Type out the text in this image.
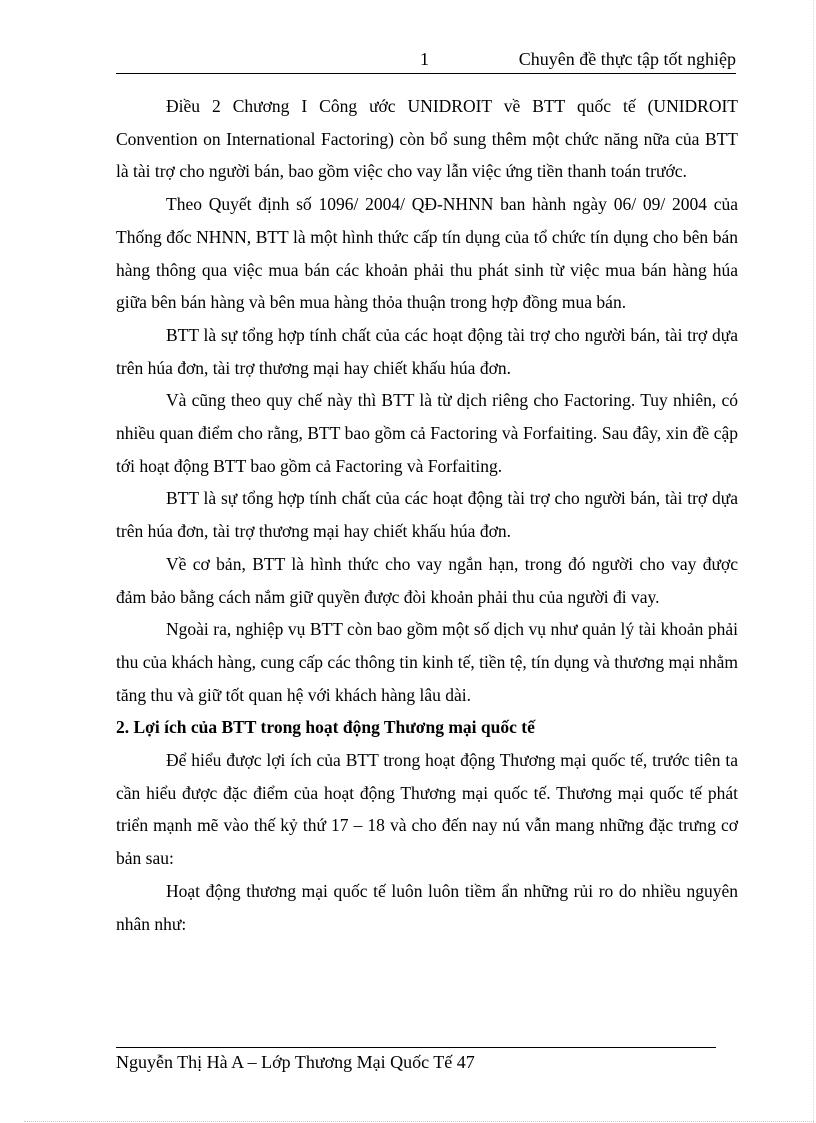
1	Chuyên đề thực tập tốt nghiệp

Điều 2 Chương I Công ước UNIDROIT về BTT quốc tế (UNIDROIT Convention on International Factoring) còn bổ sung thêm một chức năng nữa của BTT là tài trợ cho người bán, bao gồm việc cho vay lẫn việc ứng tiền thanh toán trước.

Theo Quyết định số 1096/ 2004/ QĐ-NHNN ban hành ngày 06/ 09/ 2004 của Thống đốc NHNN, BTT là một hình thức cấp tín dụng của tổ chức tín dụng cho bên bán hàng thông qua việc mua bán các khoản phải thu phát sinh từ việc mua bán hàng húa giữa bên bán hàng và bên mua hàng thỏa thuận trong hợp đồng mua bán.

BTT là sự tổng hợp tính chất của các hoạt động tài trợ cho người bán, tài trợ dựa trên húa đơn, tài trợ thương mại hay chiết khấu húa đơn.

Và cũng theo quy chế này thì BTT là từ dịch riêng cho Factoring. Tuy nhiên, có nhiều quan điểm cho rằng, BTT bao gồm cả Factoring và Forfaiting. Sau đây, xin đề cập tới hoạt động BTT bao gồm cả Factoring và Forfaiting.

BTT là sự tổng hợp tính chất của các hoạt động tài trợ cho người bán, tài trợ dựa trên húa đơn, tài trợ thương mại hay chiết khấu húa đơn.

Về cơ bản, BTT là hình thức cho vay ngắn hạn, trong đó người cho vay được đảm bảo bằng cách nắm giữ quyền được đòi khoản phải thu của người đi vay.

Ngoài ra, nghiệp vụ BTT còn bao gồm một số dịch vụ như quản lý tài khoản phải thu của khách hàng, cung cấp các thông tin kinh tế, tiền tệ, tín dụng và thương mại nhằm tăng thu và giữ tốt quan hệ với khách hàng lâu dài.

2. Lợi ích của BTT trong hoạt động Thương mại quốc tế

Để hiểu được lợi ích của BTT trong hoạt động Thương mại quốc tế, trước tiên ta cần hiểu được đặc điểm của hoạt động Thương mại quốc tế. Thương mại quốc tế phát triển mạnh mẽ vào thế kỷ thứ 17 – 18 và cho đến nay nú vẫn mang những đặc trưng cơ bản sau:

Hoạt động thương mại quốc tế luôn luôn tiềm ẩn những rủi ro do nhiều nguyên nhân như:

Nguyễn Thị Hà A – Lớp Thương Mại Quốc Tế 47
